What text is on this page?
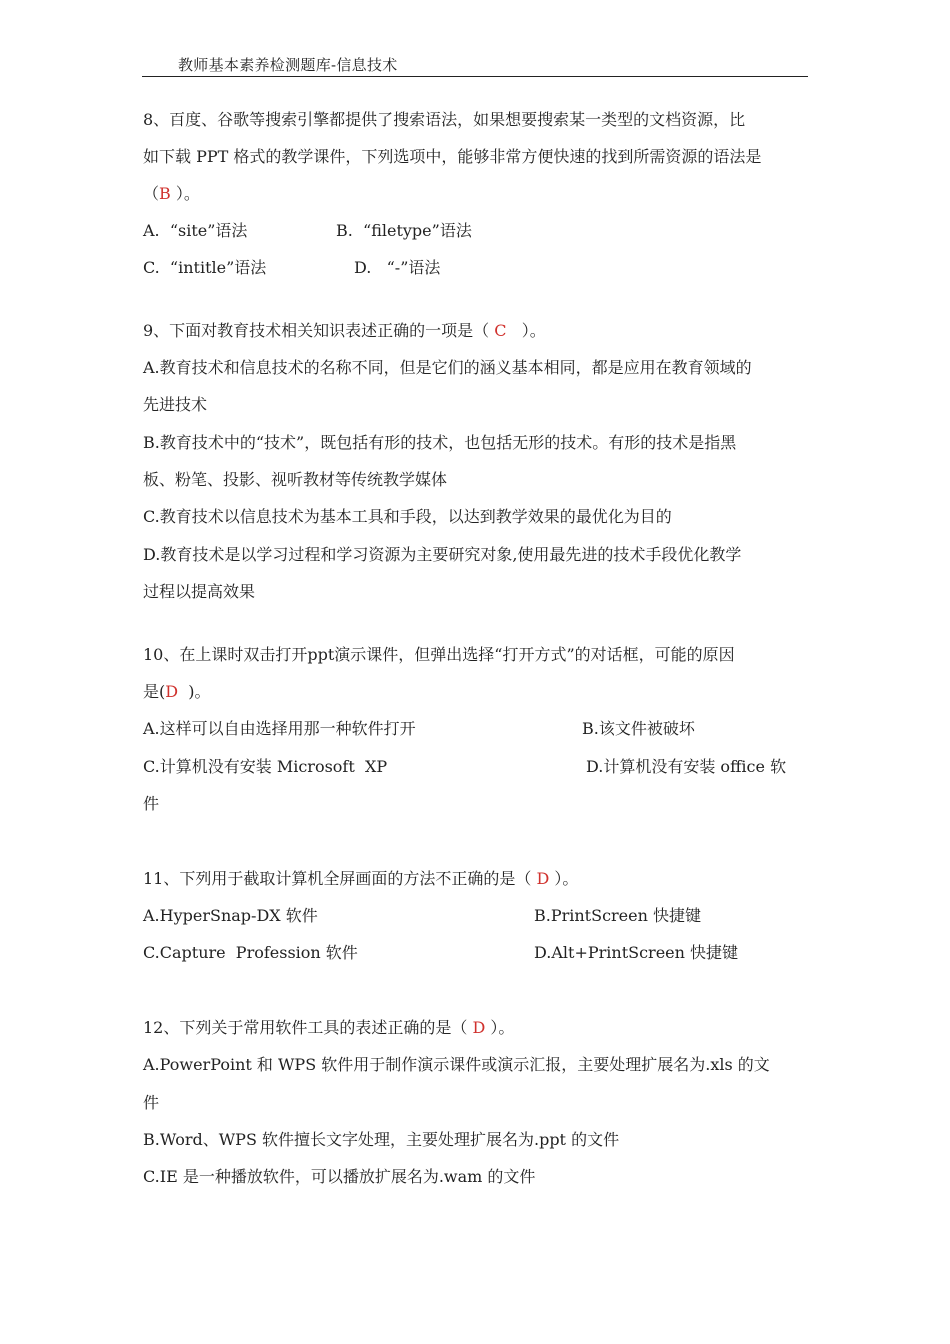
教师基本素养检测题库-信息技术
8、百度、谷歌等搜索引擎都提供了搜索语法，如果想要搜索某一类型的文档资源，比
如下载 PPT 格式的教学课件，下列选项中，能够非常方便快速的找到所需资源的语法是
（B ）。
A.  “site”语法	B.  “filetype”语法
C.  “intitle”语法	D.   “-”语法
9、下面对教育技术相关知识表述正确的一项是（ C   ）。
A.教育技术和信息技术的名称不同，但是它们的涵义基本相同，都是应用在教育领域的
先进技术
B.教育技术中的“技术”，既包括有形的技术，也包括无形的技术。有形的技术是指黑
板、粉笔、投影、视听教材等传统教学媒体
C.教育技术以信息技术为基本工具和手段，以达到教学效果的最优化为目的
D.教育技术是以学习过程和学习资源为主要研究对象,使用最先进的技术手段优化教学
过程以提高效果
10、在上课时双击打开ppt演示课件，但弹出选择“打开方式”的对话框，可能的原因
是(D  )。
A.这样可以自由选择用那一种软件打开	B.该文件被破坏
C.计算机没有安装 Microsoft  XP	D.计算机没有安装 office 软
件
11、下列用于截取计算机全屏画面的方法不正确的是（ D ）。
A.HyperSnap-DX 软件	B.PrintScreen 快捷键
C.Capture  Profession 软件	D.Alt+PrintScreen 快捷键
12、下列关于常用软件工具的表述正确的是（ D ）。
A.PowerPoint 和 WPS 软件用于制作演示课件或演示汇报，主要处理扩展名为.xls 的文
件
B.Word、WPS 软件擅长文字处理，主要处理扩展名为.ppt 的文件
C.IE 是一种播放软件，可以播放扩展名为.wam 的文件
